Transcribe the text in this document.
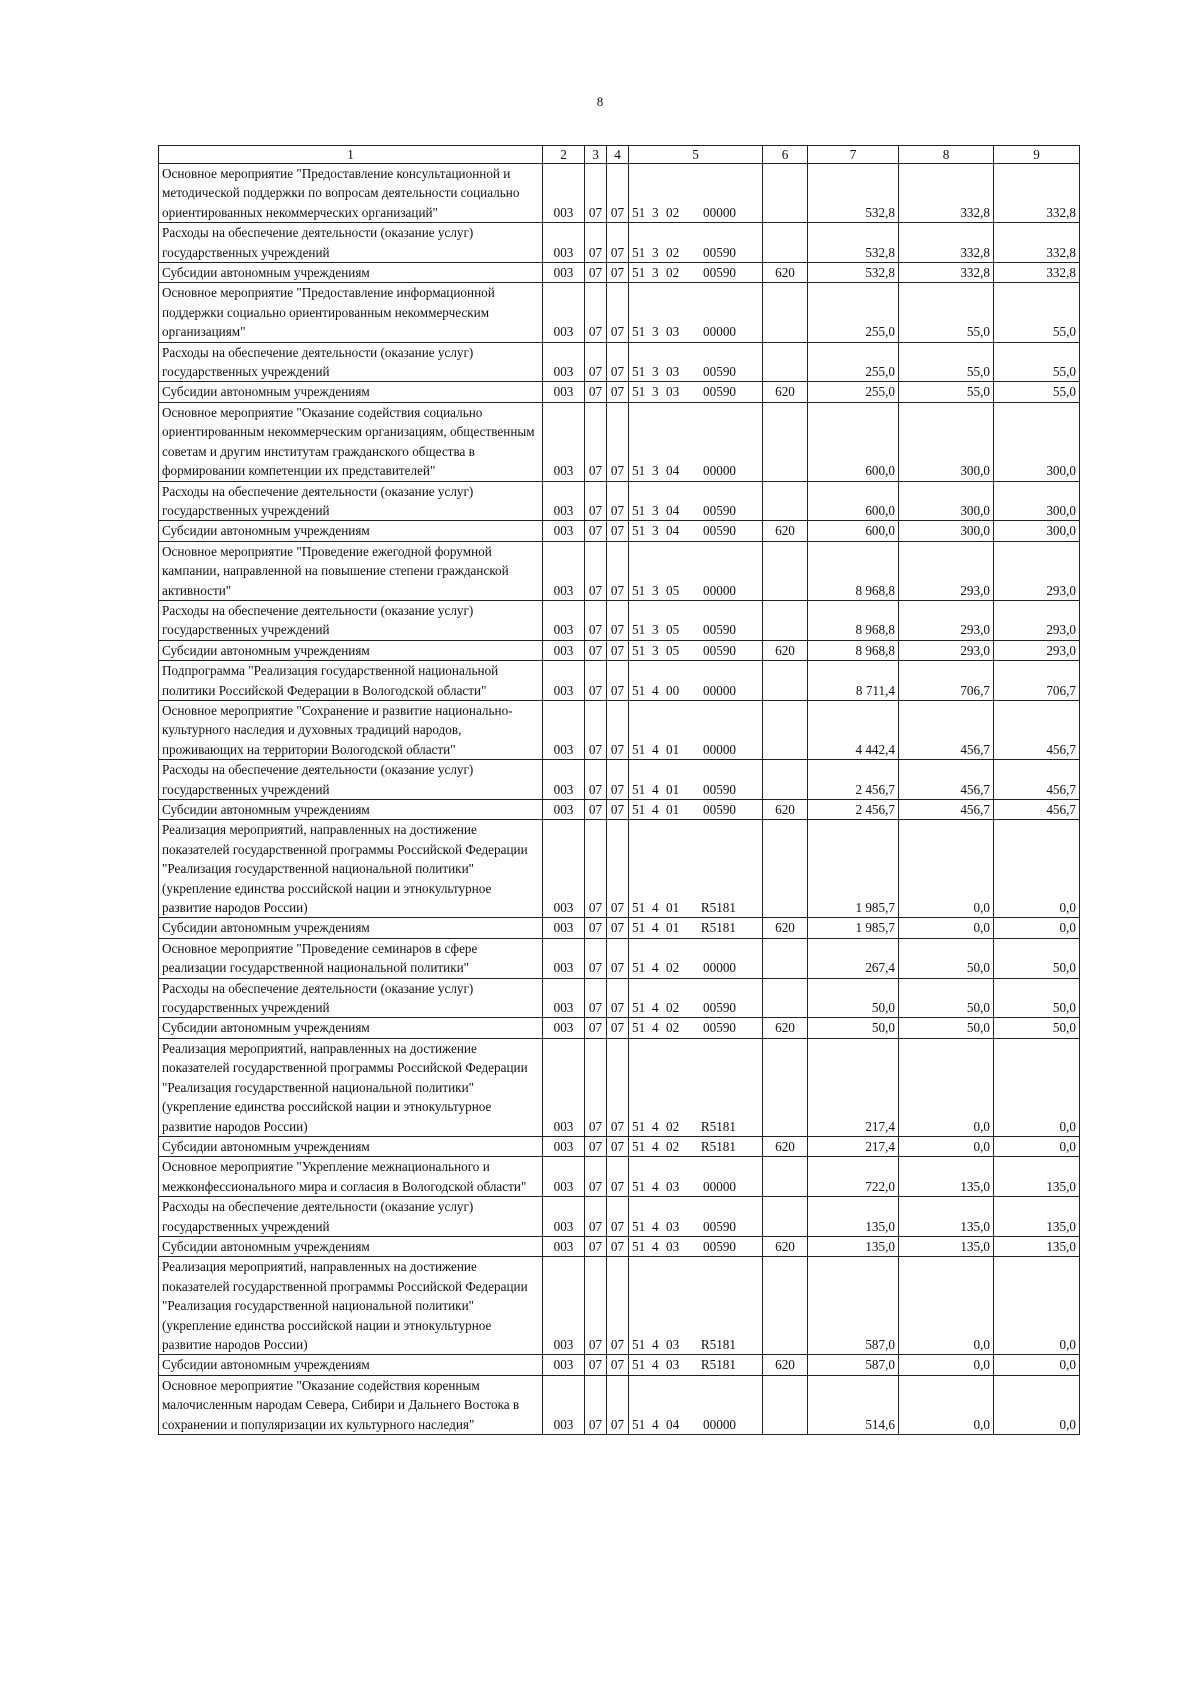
8
1	2	3	4	5	6	7	8	9
Основное мероприятие "Предоставление консультационной и методической поддержки по вопросам деятельности социально ориентированных некоммерческих организаций"	003	07	07	51 3 02 00000		532,8	332,8	332,8
Расходы на обеспечение деятельности (оказание услуг) государственных учреждений	003	07	07	51 3 02 00590		532,8	332,8	332,8
Субсидии автономным учреждениям	003	07	07	51 3 02 00590	620	532,8	332,8	332,8
Основное мероприятие "Предоставление информационной поддержки социально ориентированным некоммерческим организациям"	003	07	07	51 3 03 00000		255,0	55,0	55,0
Расходы на обеспечение деятельности (оказание услуг) государственных учреждений	003	07	07	51 3 03 00590		255,0	55,0	55,0
Субсидии автономным учреждениям	003	07	07	51 3 03 00590	620	255,0	55,0	55,0
Основное мероприятие "Оказание содействия социально ориентированным некоммерческим организациям, общественным советам и другим институтам гражданского общества в формировании компетенции их представителей"	003	07	07	51 3 04 00000		600,0	300,0	300,0
Расходы на обеспечение деятельности (оказание услуг) государственных учреждений	003	07	07	51 3 04 00590		600,0	300,0	300,0
Субсидии автономным учреждениям	003	07	07	51 3 04 00590	620	600,0	300,0	300,0
Основное мероприятие "Проведение ежегодной форумной кампании, направленной на повышение степени гражданской активности"	003	07	07	51 3 05 00000		8 968,8	293,0	293,0
Расходы на обеспечение деятельности (оказание услуг) государственных учреждений	003	07	07	51 3 05 00590		8 968,8	293,0	293,0
Субсидии автономным учреждениям	003	07	07	51 3 05 00590	620	8 968,8	293,0	293,0
Подпрограмма "Реализация государственной национальной политики Российской Федерации в Вологодской области"	003	07	07	51 4 00 00000		8 711,4	706,7	706,7
Основное мероприятие "Сохранение и развитие национально-культурного наследия и духовных традиций народов, проживающих на территории Вологодской области"	003	07	07	51 4 01 00000		4 442,4	456,7	456,7
Расходы на обеспечение деятельности (оказание услуг) государственных учреждений	003	07	07	51 4 01 00590		2 456,7	456,7	456,7
Субсидии автономным учреждениям	003	07	07	51 4 01 00590	620	2 456,7	456,7	456,7
Реализация мероприятий, направленных на достижение показателей государственной программы Российской Федерации "Реализация государственной национальной политики" (укрепление единства российской нации и этнокультурное развитие народов России)	003	07	07	51 4 01 R5181		1 985,7	0,0	0,0
Субсидии автономным учреждениям	003	07	07	51 4 01 R5181	620	1 985,7	0,0	0,0
Основное мероприятие "Проведение семинаров в сфере реализации государственной национальной политики"	003	07	07	51 4 02 00000		267,4	50,0	50,0
Расходы на обеспечение деятельности (оказание услуг) государственных учреждений	003	07	07	51 4 02 00590		50,0	50,0	50,0
Субсидии автономным учреждениям	003	07	07	51 4 02 00590	620	50,0	50,0	50,0
Реализация мероприятий, направленных на достижение показателей государственной программы Российской Федерации "Реализация государственной национальной политики" (укрепление единства российской нации и этнокультурное развитие народов России)	003	07	07	51 4 02 R5181		217,4	0,0	0,0
Субсидии автономным учреждениям	003	07	07	51 4 02 R5181	620	217,4	0,0	0,0
Основное мероприятие "Укрепление межнационального и межконфессионального мира и согласия в Вологодской области"	003	07	07	51 4 03 00000		722,0	135,0	135,0
Расходы на обеспечение деятельности (оказание услуг) государственных учреждений	003	07	07	51 4 03 00590		135,0	135,0	135,0
Субсидии автономным учреждениям	003	07	07	51 4 03 00590	620	135,0	135,0	135,0
Реализация мероприятий, направленных на достижение показателей государственной программы Российской Федерации "Реализация государственной национальной политики" (укрепление единства российской нации и этнокультурное развитие народов России)	003	07	07	51 4 03 R5181		587,0	0,0	0,0
Субсидии автономным учреждениям	003	07	07	51 4 03 R5181	620	587,0	0,0	0,0
Основное мероприятие "Оказание содействия коренным малочисленным народам Севера, Сибири и Дальнего Востока в сохранении и популяризации их культурного наследия"	003	07	07	51 4 04 00000		514,6	0,0	0,0
